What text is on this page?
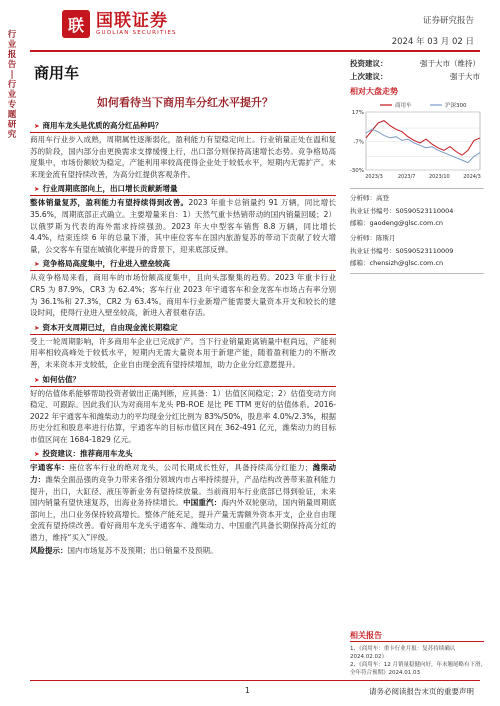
行
业
报
告
|
行
业
专
题
研
究
联 国联证券
GUOLIAN SECURITIES
证券研究报告
2024 年 03 月 02 日
商用车
如何看待当下商用车分红水平提升？
投资建议：	强于大市（维持）
上次建议：	强于大市
相对大盘走势
17%
-7%
-30%
2023/3	2023/7	2023/10	2024/3
商用车	沪深300
分析师：高登
执业证书编号：S0590523110004
邮箱：gaodeng@glsc.com.cn
分析师：陈斯月
执业证书编号：S0590523110009
邮箱：chensizh@glsc.com.cn
➤ 商用车龙头是优质的高分红品种吗？
商用车行业步入成熟，周期属性逐渐弱化，盈利能力有望稳定向上。行业销量正处在温和复苏的阶段，国内部分由更换需求支撑缓慢上行，出口部分则保持高速增长态势。竞争格局高度集中，市场份额较为稳定，产能利用率较高使得企业处于较低水平，短期内无需扩产。未来现金流有望持续改善，为高分红提供客观条件。
➤ 行业周期底部向上，出口增长贡献新增量
整体销量复苏，盈利能力有望持续得到改善。2023 年重卡总销量约 91 万辆，同比增长 35.6%，周期底部正式确立。主要增量来自：1）天然气重卡热销带动的国内销量回暖；2）以俄罗斯为代表的海外需求持续强劲。2023 年大中型客车销售 8.8 万辆，同比增长 4.4%，结束连续 6 年的总量下滑，其中座位客车在国内旅游复苏的带动下贡献了较大增量，公交客车有望在城镇化率提升的背景下，迎来底部反弹。
➤ 竞争格局高度集中，行业进入壁垒较高
从竞争格局来看，商用车的市场份额高度集中，且向头部聚集的趋势。2023 年重卡行业 CR5 为 87.9%，CR3 为 62.4%；客车行业 2023 年宇通客车和金龙客车市场占有率分别为 36.1%和 27.3%，CR2 为 63.4%。商用车行业新增产能需要大量资本开支和较长的建设时间，使得行业进入壁垒较高，新进入者很难存活。
➤ 资本开支周期已过，自由现金流长期稳定
受上一轮周期影响，许多商用车企业已完成扩产。当下行业销量距离销量中枢尚远，产能利用率相较高峰处于较低水平，短期内无需大量资本用于新建产能，随着盈利能力的不断改善，未来资本开支较低，企业自由现金流有望持续增加，助力企业分红意愿提升。
➤ 如何估值？
好的估值体系能够帮助投资者做出正确判断，应具备：1）估值区间稳定；2）估值变动方向稳定、可跟踪。因此我们认为对商用车龙头 PB-ROE 是比 PE TTM 更好的估值体系。2016-2022 年宇通客车和潍柴动力的平均现金分红比例为 83%/50%，股息率 4.0%/2.3%，根据历史分红和股息率进行估算，宇通客车的目标市值区间在 362-491 亿元，潍柴动力的目标市值区间在 1684-1829 亿元。
➤ 投资建议：推荐商用车龙头
宇通客车：座位客车行业的绝对龙头，公司长期成长性好，具备持续高分红能力；潍柴动力：潍柴全面品强的竞争力带来各细分领域内市占率持续提升，产品结构改善带来盈利能力提升，出口，大缸径、液压等新业务有望持续放量。当前商用车行业底部已得到验证，未来国内销量有望快速复苏，出海业务持续增长。中国重汽：海内外双轮驱动，国内销量周期底部向上，出口业务保持较高增长。整体产能充足，提升产量无需额外资本开支，企业自由现金流有望持续改善。看好商用车龙头宇通客车、潍柴动力、中国重汽具备长期保持高分红的潜力，维持“买入”评级。
风险提示：国内市场复苏不及预期；出口销量不及预期。
相关报告
1、《商用车：重卡行业月报：复苏持续确认2024.02.02》
2、《商用车：12 月销量稳健向好，年末翘尾略有下滑，全年符合预期》2024.01.03
1	请务必阅读报告末页的重要声明
